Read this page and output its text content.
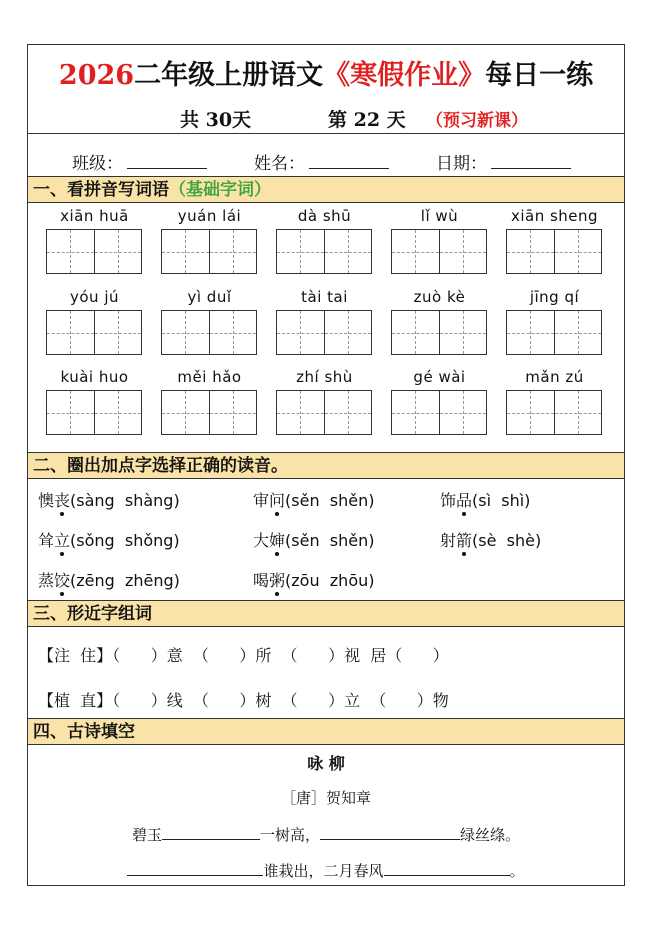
2026二年级上册语文《寒假作业》每日一练
共 30天	第 22 天 （预习新课）
班级：	姓名：	日期：
一、看拼音写词语（基础字词）
xiān huā	yuán lái	dà shū	lǐ wù	xiān sheng
yóu jú	yì duǐ	tài tai	zuò kè	jīng qí
kuài huo	měi hǎo	zhí shù	gé wài	mǎn zú
二、圈出加点字选择正确的读音。
懊丧(sàng  shàng)	审问(sěn  shěn)	饰品(sì  shì)
耸立(sǒng  shǒng)	大婶(sěn  shěn)	射箭(sè  shè)
蒸饺(zēng  zhēng)	喝粥(zōu  zhōu)
三、形近字组词
【注  住】（      ）意  （      ）所  （      ）视  居（      ）
【植  直】（      ）线  （      ）树  （      ）立  （      ）物
四、古诗填空
咏 柳
［唐］贺知章
碧玉	一树高，	绿丝绦。
谁栽出，二月春风	。
